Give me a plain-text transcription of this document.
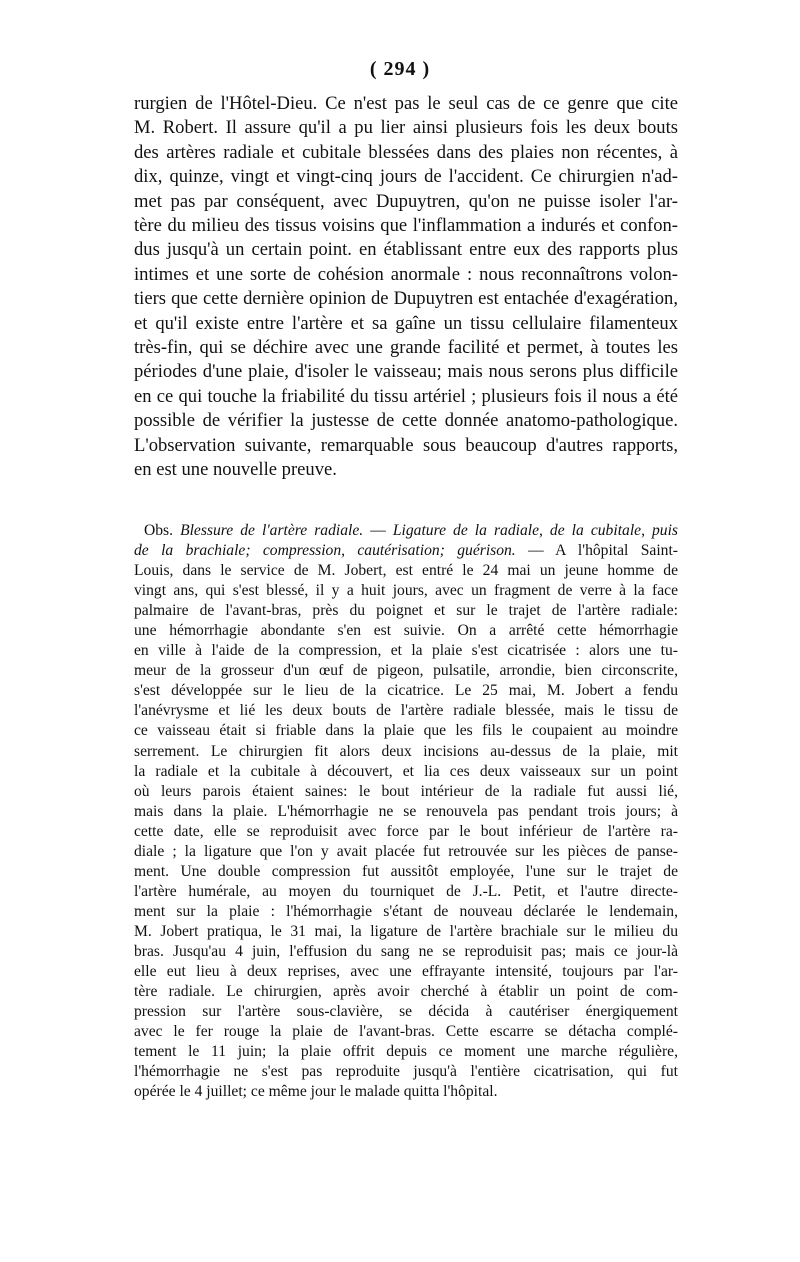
( 294 )
rurgien de l'Hôtel-Dieu. Ce n'est pas le seul cas de ce genre que cite
M. Robert. Il assure qu'il a pu lier ainsi plusieurs fois les deux bouts
des artères radiale et cubitale blessées dans des plaies non récentes, à
dix, quinze, vingt et vingt-cinq jours de l'accident. Ce chirurgien n'ad-
met pas par conséquent, avec Dupuytren, qu'on ne puisse isoler l'ar-
tère du milieu des tissus voisins que l'inflammation a indurés et confon-
dus jusqu'à un certain point. en établissant entre eux des rapports plus
intimes et une sorte de cohésion anormale : nous reconnaîtrons volon-
tiers que cette dernière opinion de Dupuytren est entachée d'exagération,
et qu'il existe entre l'artère et sa gaîne un tissu cellulaire filamenteux
très-fin, qui se déchire avec une grande facilité et permet, à toutes les
périodes d'une plaie, d'isoler le vaisseau; mais nous serons plus difficile
en ce qui touche la friabilité du tissu artériel ; plusieurs fois il nous a été
possible de vérifier la justesse de cette donnée anatomo-pathologique.
L'observation suivante, remarquable sous beaucoup d'autres rapports,
en est une nouvelle preuve.
Obs. Blessure de l'artère radiale. — Ligature de la radiale, de la cubitale, puis
de la brachiale; compression, cautérisation; guérison. — A l'hôpital Saint-
Louis, dans le service de M. Jobert, est entré le 24 mai un jeune homme de
vingt ans, qui s'est blessé, il y a huit jours, avec un fragment de verre à la face
palmaire de l'avant-bras, près du poignet et sur le trajet de l'artère radiale:
une hémorrhagie abondante s'en est suivie. On a arrêté cette hémorrhagie
en ville à l'aide de la compression, et la plaie s'est cicatrisée : alors une tu-
meur de la grosseur d'un œuf de pigeon, pulsatile, arrondie, bien circonscrite,
s'est développée sur le lieu de la cicatrice. Le 25 mai, M. Jobert a fendu
l'anévrysme et lié les deux bouts de l'artère radiale blessée, mais le tissu de
ce vaisseau était si friable dans la plaie que les fils le coupaient au moindre
serrement. Le chirurgien fit alors deux incisions au-dessus de la plaie, mit
la radiale et la cubitale à découvert, et lia ces deux vaisseaux sur un point
où leurs parois étaient saines: le bout intérieur de la radiale fut aussi lié,
mais dans la plaie. L'hémorrhagie ne se renouvela pas pendant trois jours; à
cette date, elle se reproduisit avec force par le bout inférieur de l'artère ra-
diale ; la ligature que l'on y avait placée fut retrouvée sur les pièces de panse-
ment. Une double compression fut aussitôt employée, l'une sur le trajet de
l'artère humérale, au moyen du tourniquet de J.-L. Petit, et l'autre directe-
ment sur la plaie : l'hémorrhagie s'étant de nouveau déclarée le lendemain,
M. Jobert pratiqua, le 31 mai, la ligature de l'artère brachiale sur le milieu du
bras. Jusqu'au 4 juin, l'effusion du sang ne se reproduisit pas; mais ce jour-là
elle eut lieu à deux reprises, avec une effrayante intensité, toujours par l'ar-
tère radiale. Le chirurgien, après avoir cherché à établir un point de com-
pression sur l'artère sous-clavière, se décida à cautériser énergiquement
avec le fer rouge la plaie de l'avant-bras. Cette escarre se détacha complé-
tement le 11 juin; la plaie offrit depuis ce moment une marche régulière,
l'hémorrhagie ne s'est pas reproduite jusqu'à l'entière cicatrisation, qui fut
opérée le 4 juillet; ce même jour le malade quitta l'hôpital.
